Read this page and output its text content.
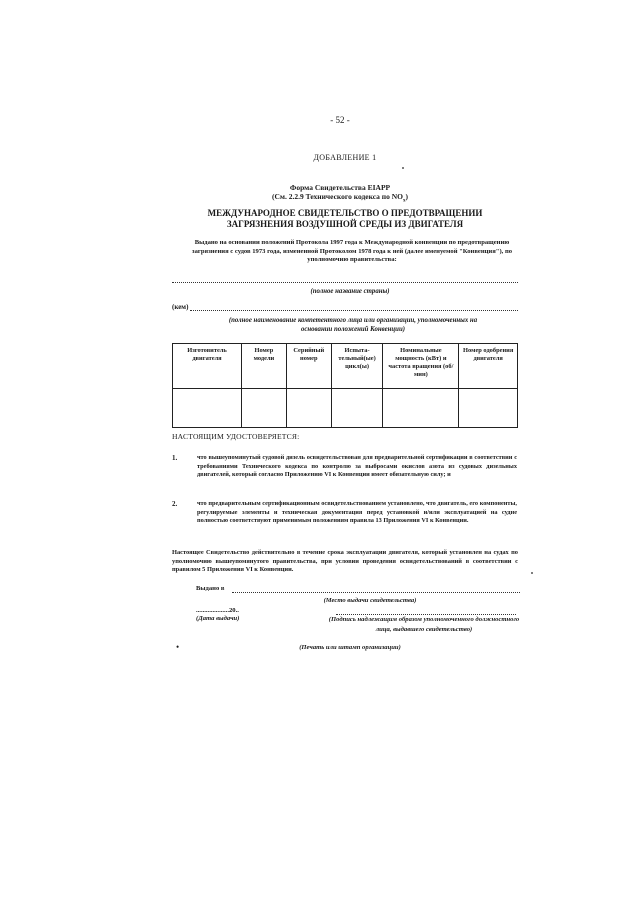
- 52 -
ДОБАВЛЕНИЕ 1
Форма Свидетельства EIAPP
(См. 2.2.9 Технического кодекса по $NO_x$)
МЕЖДУНАРОДНОЕ СВИДЕТЕЛЬСТВО О ПРЕДОТВРАЩЕНИИ
ЗАГРЯЗНЕНИЯ ВОЗДУШНОЙ СРЕДЫ ИЗ ДВИГАТЕЛЯ
Выдано на основании положений Протокола 1997 года к Международной конвенции по предотвращению загрязнения с судов 1973 года, измененной Протоколом 1978 года к ней (далее именуемой "Конвенция"), по уполномочию правительства:
(полное название страны)
(кем)
(полное наименование компетентного лица или организации, уполномоченных на основании положений Конвенции)
Изготовитель двигателя	Номер модели	Серийный номер	Испыта-тельный(ые) цикл(ы)	Номинальные мощность (кВт) и частота вращения (об/мин)	Номер одобрения двигателя

НАСТОЯЩИМ УДОСТОВЕРЯЕТСЯ:
1.	что вышеупомянутый судовой дизель освидетельствован для предварительной сертификации в соответствии с требованиями Технического кодекса по контролю за выбросами окислов азота из судовых дизельных двигателей, который согласно Приложению VI к Конвенции имеет обязательную силу; и
2.	что предварительным сертификационным освидетельствованием установлено, что двигатель, его компоненты, регулируемые элементы и техническая документация перед установкой и/или эксплуатацией на судне полностью соответствуют применимым положениям правила 13 Приложения VI к Конвенции.
Настоящее Свидетельство действительно в течение срока эксплуатации двигателя, который установлен на судах по уполномочию вышеупомянутого правительства, при условии проведения освидетельствований в соответствии с правилом 5 Приложения VI к Конвенции.
Выдано в
(Место выдачи свидетельства)
....................20..
(Дата выдачи)	(Подпись надлежащим образом уполномоченного должностного лица, выдавшего свидетельство)
•	(Печать или штамп организации)
